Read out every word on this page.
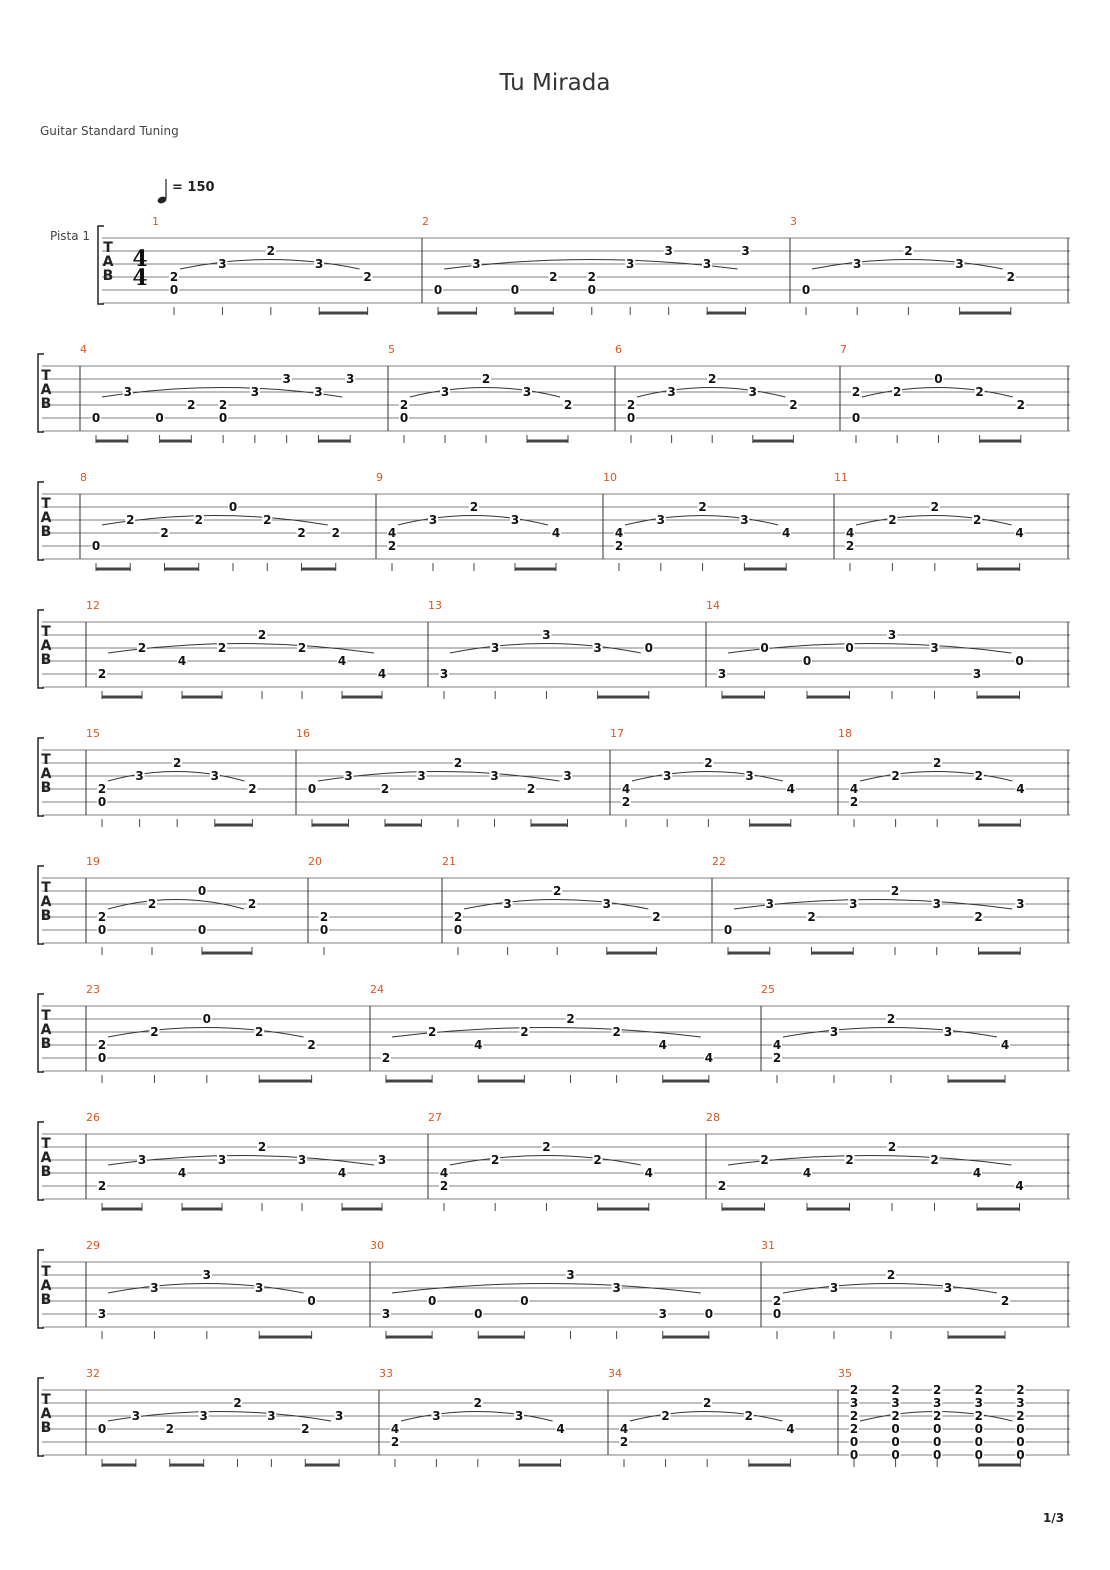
Tu Mirada
Guitar Standard Tuning
= 150
Pista 1
1/3
T
A
B
4
4
1
2
0
3
2
3
2
2
0
3
0
2
0
2
3
3
3
3
3
0
3
2
3
2
T
A
B
4
0
3
0
2
0
2
3
3
3
3
5
2
0
3
2
3
2
6
2
0
3
2
3
2
7
2
0
2
0
2
2
T
A
B
8
0
2
2
2
0
2
2 2
9
4
2
3
2
3
4
10
4
2
3
2
3
4
11
4
2
2
2
2
4
T
A
B
12
2
2
4
2
2
2
4
4
13
3
3
3
3	0
14
3
0
0
0
3
3
3
0
T
A
B
15
2
0
3
2
3
2
16
0
3
2
3
2
3
2
3
17
4
2
3
2
3
4
18
4
2
2
2
2
4
T
A
B
19
2
0
2
0
0
2
20
2
0
21
2
0
3
2
3
2
22
0
3
2
3
2
3
2
3
T
A
B
23
2
0
2
0
2
2
24
2
2
4
2
2
2
4
4
25
4
2
3
2
3
4
T
A
B
26
2
3
4
3
2
3
4
3
27
4
2
2
2
2
4
28
2
2
4
2
2
2
4
4
T
A
B
29
3
3
3
3
0
30
3
0
0
0
3
3
3	0
31
2
0
3
2
3
2
T
A
B
32
0
3
2
3
2
3
2
3
33
4
2
3
2
3
4
34
4
2
2
2
2
4
35
2
3
2
2
0
0
2
3
2
0
0
0
2
3
2
0
0
0
2
3
2
0
0
0
2
3
2
0
0
0
